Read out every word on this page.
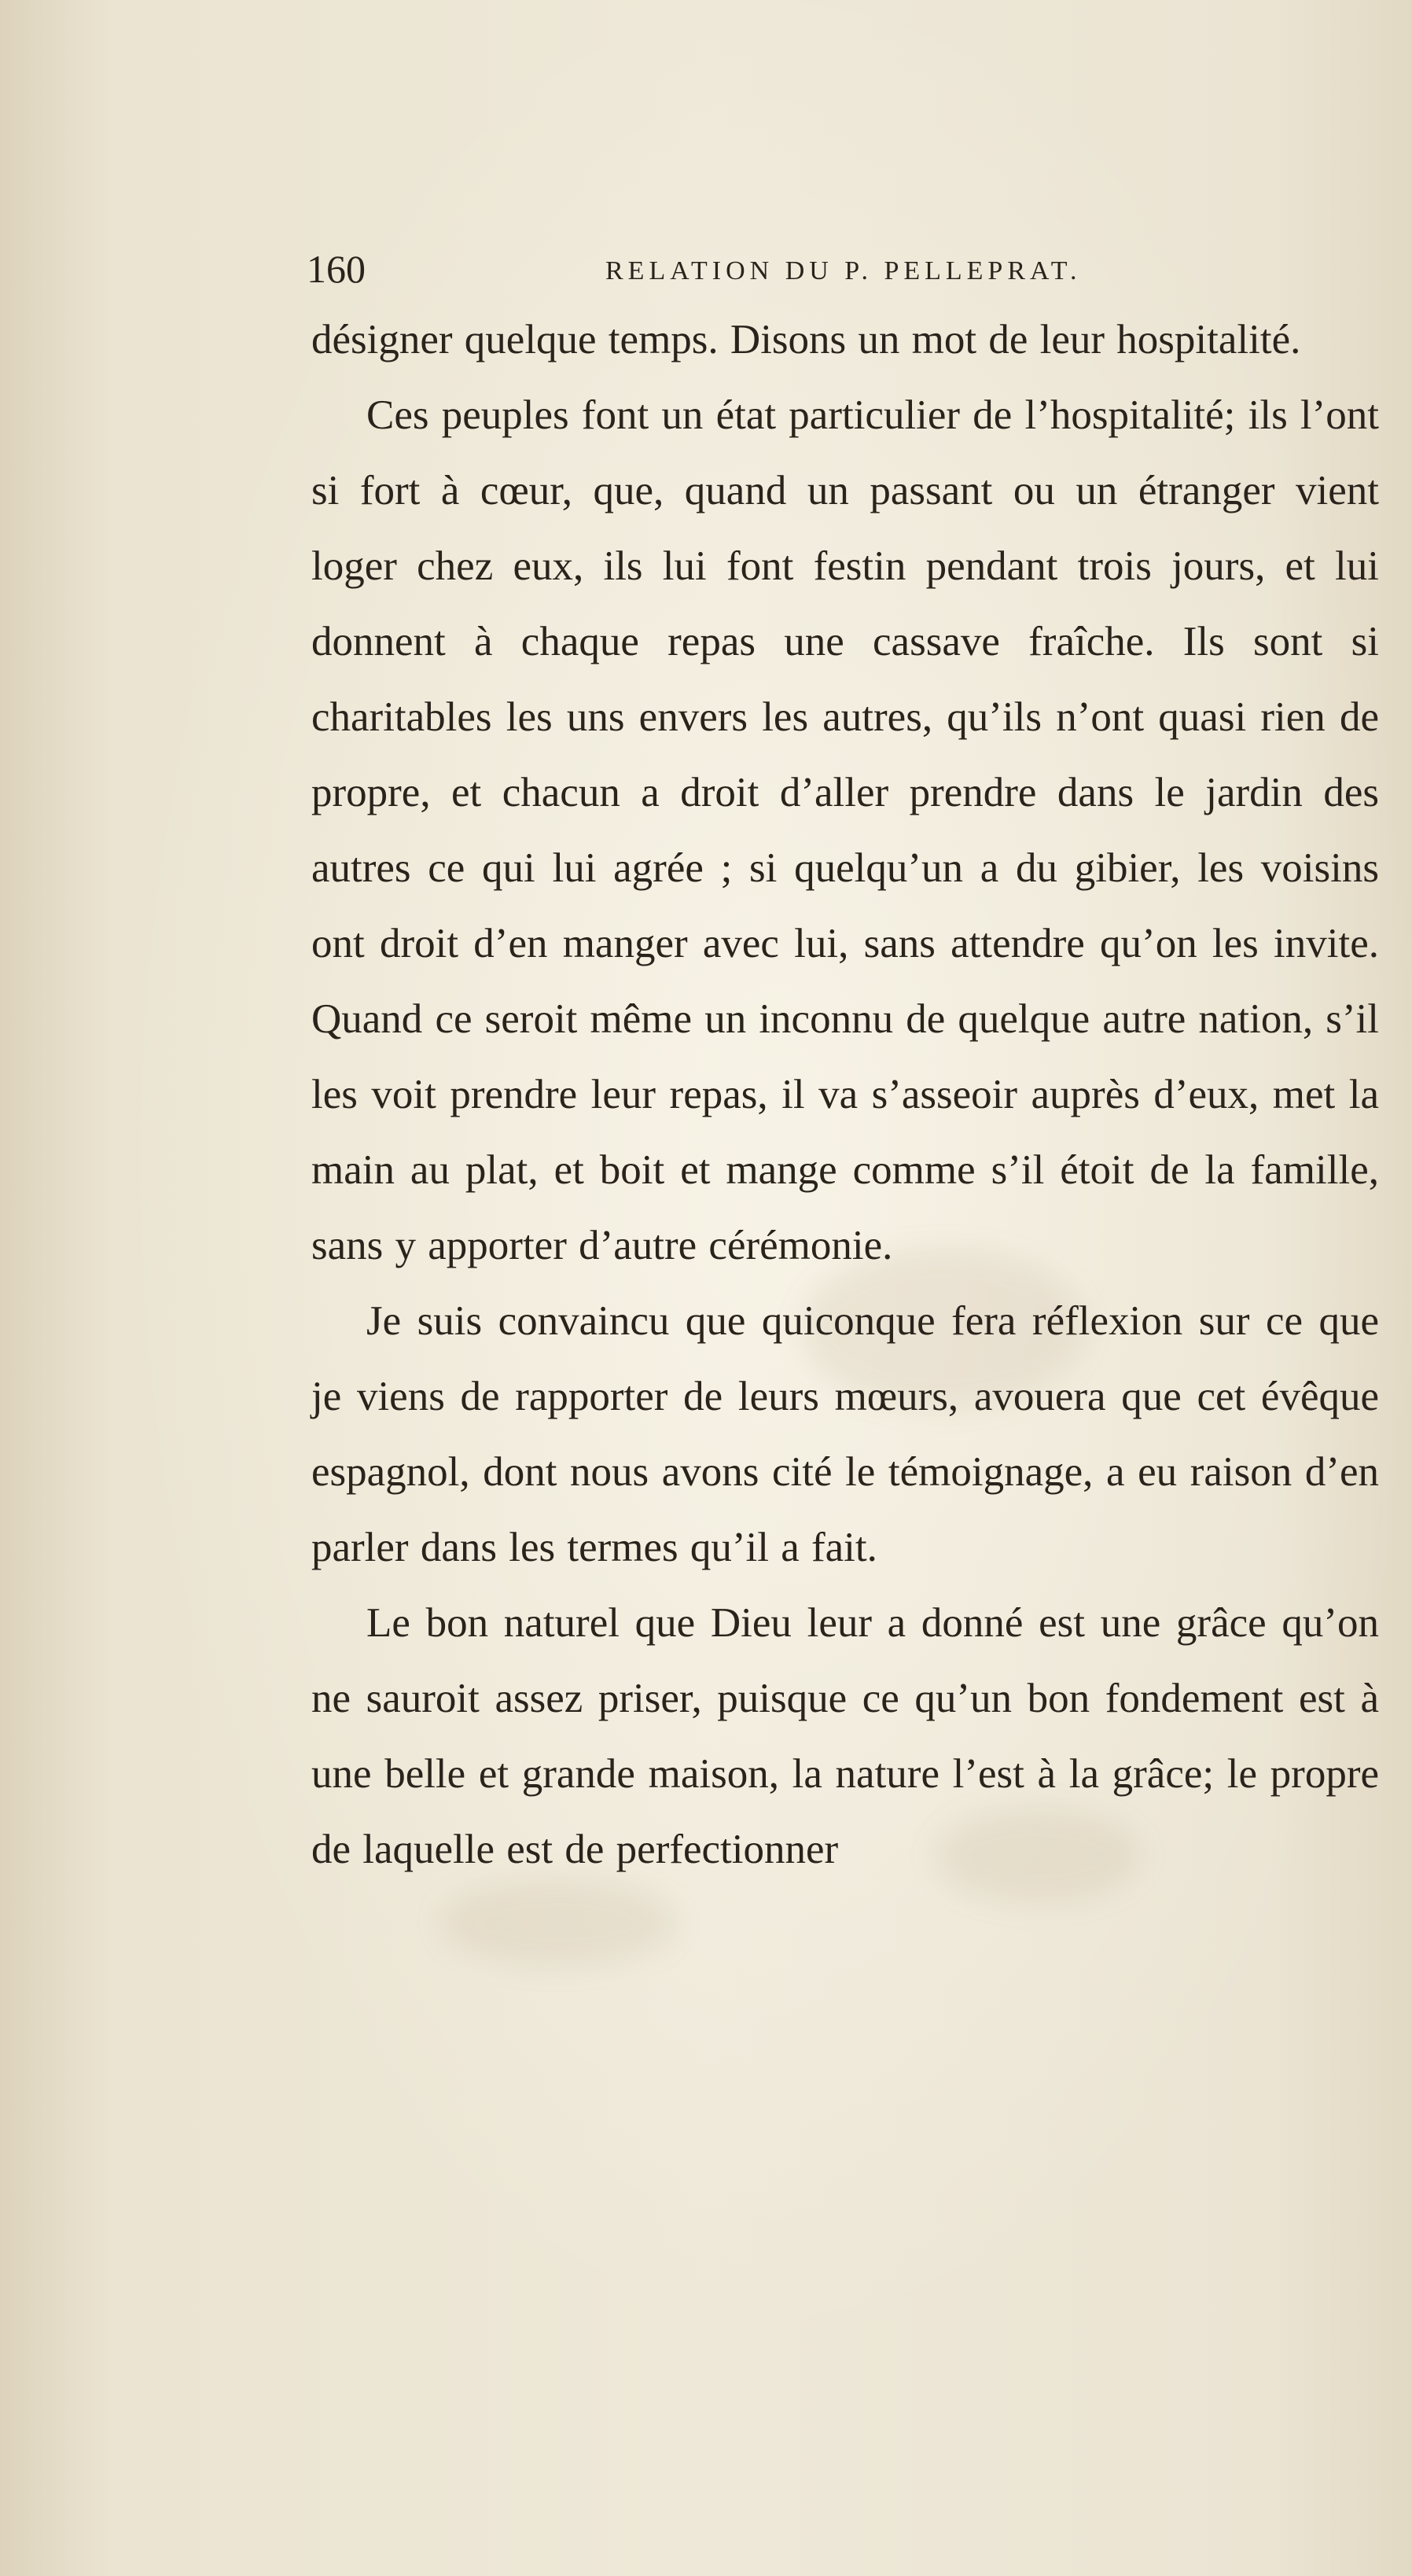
160	RELATION DU P. PELLEPRAT.

désigner quelque temps. Disons un mot de leur hospitalité.

Ces peuples font un état particulier de l’hospitalité; ils l’ont si fort à cœur, que, quand un passant ou un étranger vient loger chez eux, ils lui font festin pendant trois jours, et lui donnent à chaque repas une cassave fraîche. Ils sont si charitables les uns envers les autres, qu’ils n’ont quasi rien de propre, et chacun a droit d’aller prendre dans le jardin des autres ce qui lui agrée ; si quelqu’un a du gibier, les voisins ont droit d’en manger avec lui, sans attendre qu’on les invite. Quand ce seroit même un inconnu de quelque autre nation, s’il les voit prendre leur repas, il va s’asseoir auprès d’eux, met la main au plat, et boit et mange comme s’il étoit de la famille, sans y apporter d’autre cérémonie.

Je suis convaincu que quiconque fera réflexion sur ce que je viens de rapporter de leurs mœurs, avouera que cet évêque espagnol, dont nous avons cité le témoignage, a eu raison d’en parler dans les termes qu’il a fait.

Le bon naturel que Dieu leur a donné est une grâce qu’on ne sauroit assez priser, puisque ce qu’un bon fondement est à une belle et grande maison, la nature l’est à la grâce; le propre de laquelle est de perfectionner
